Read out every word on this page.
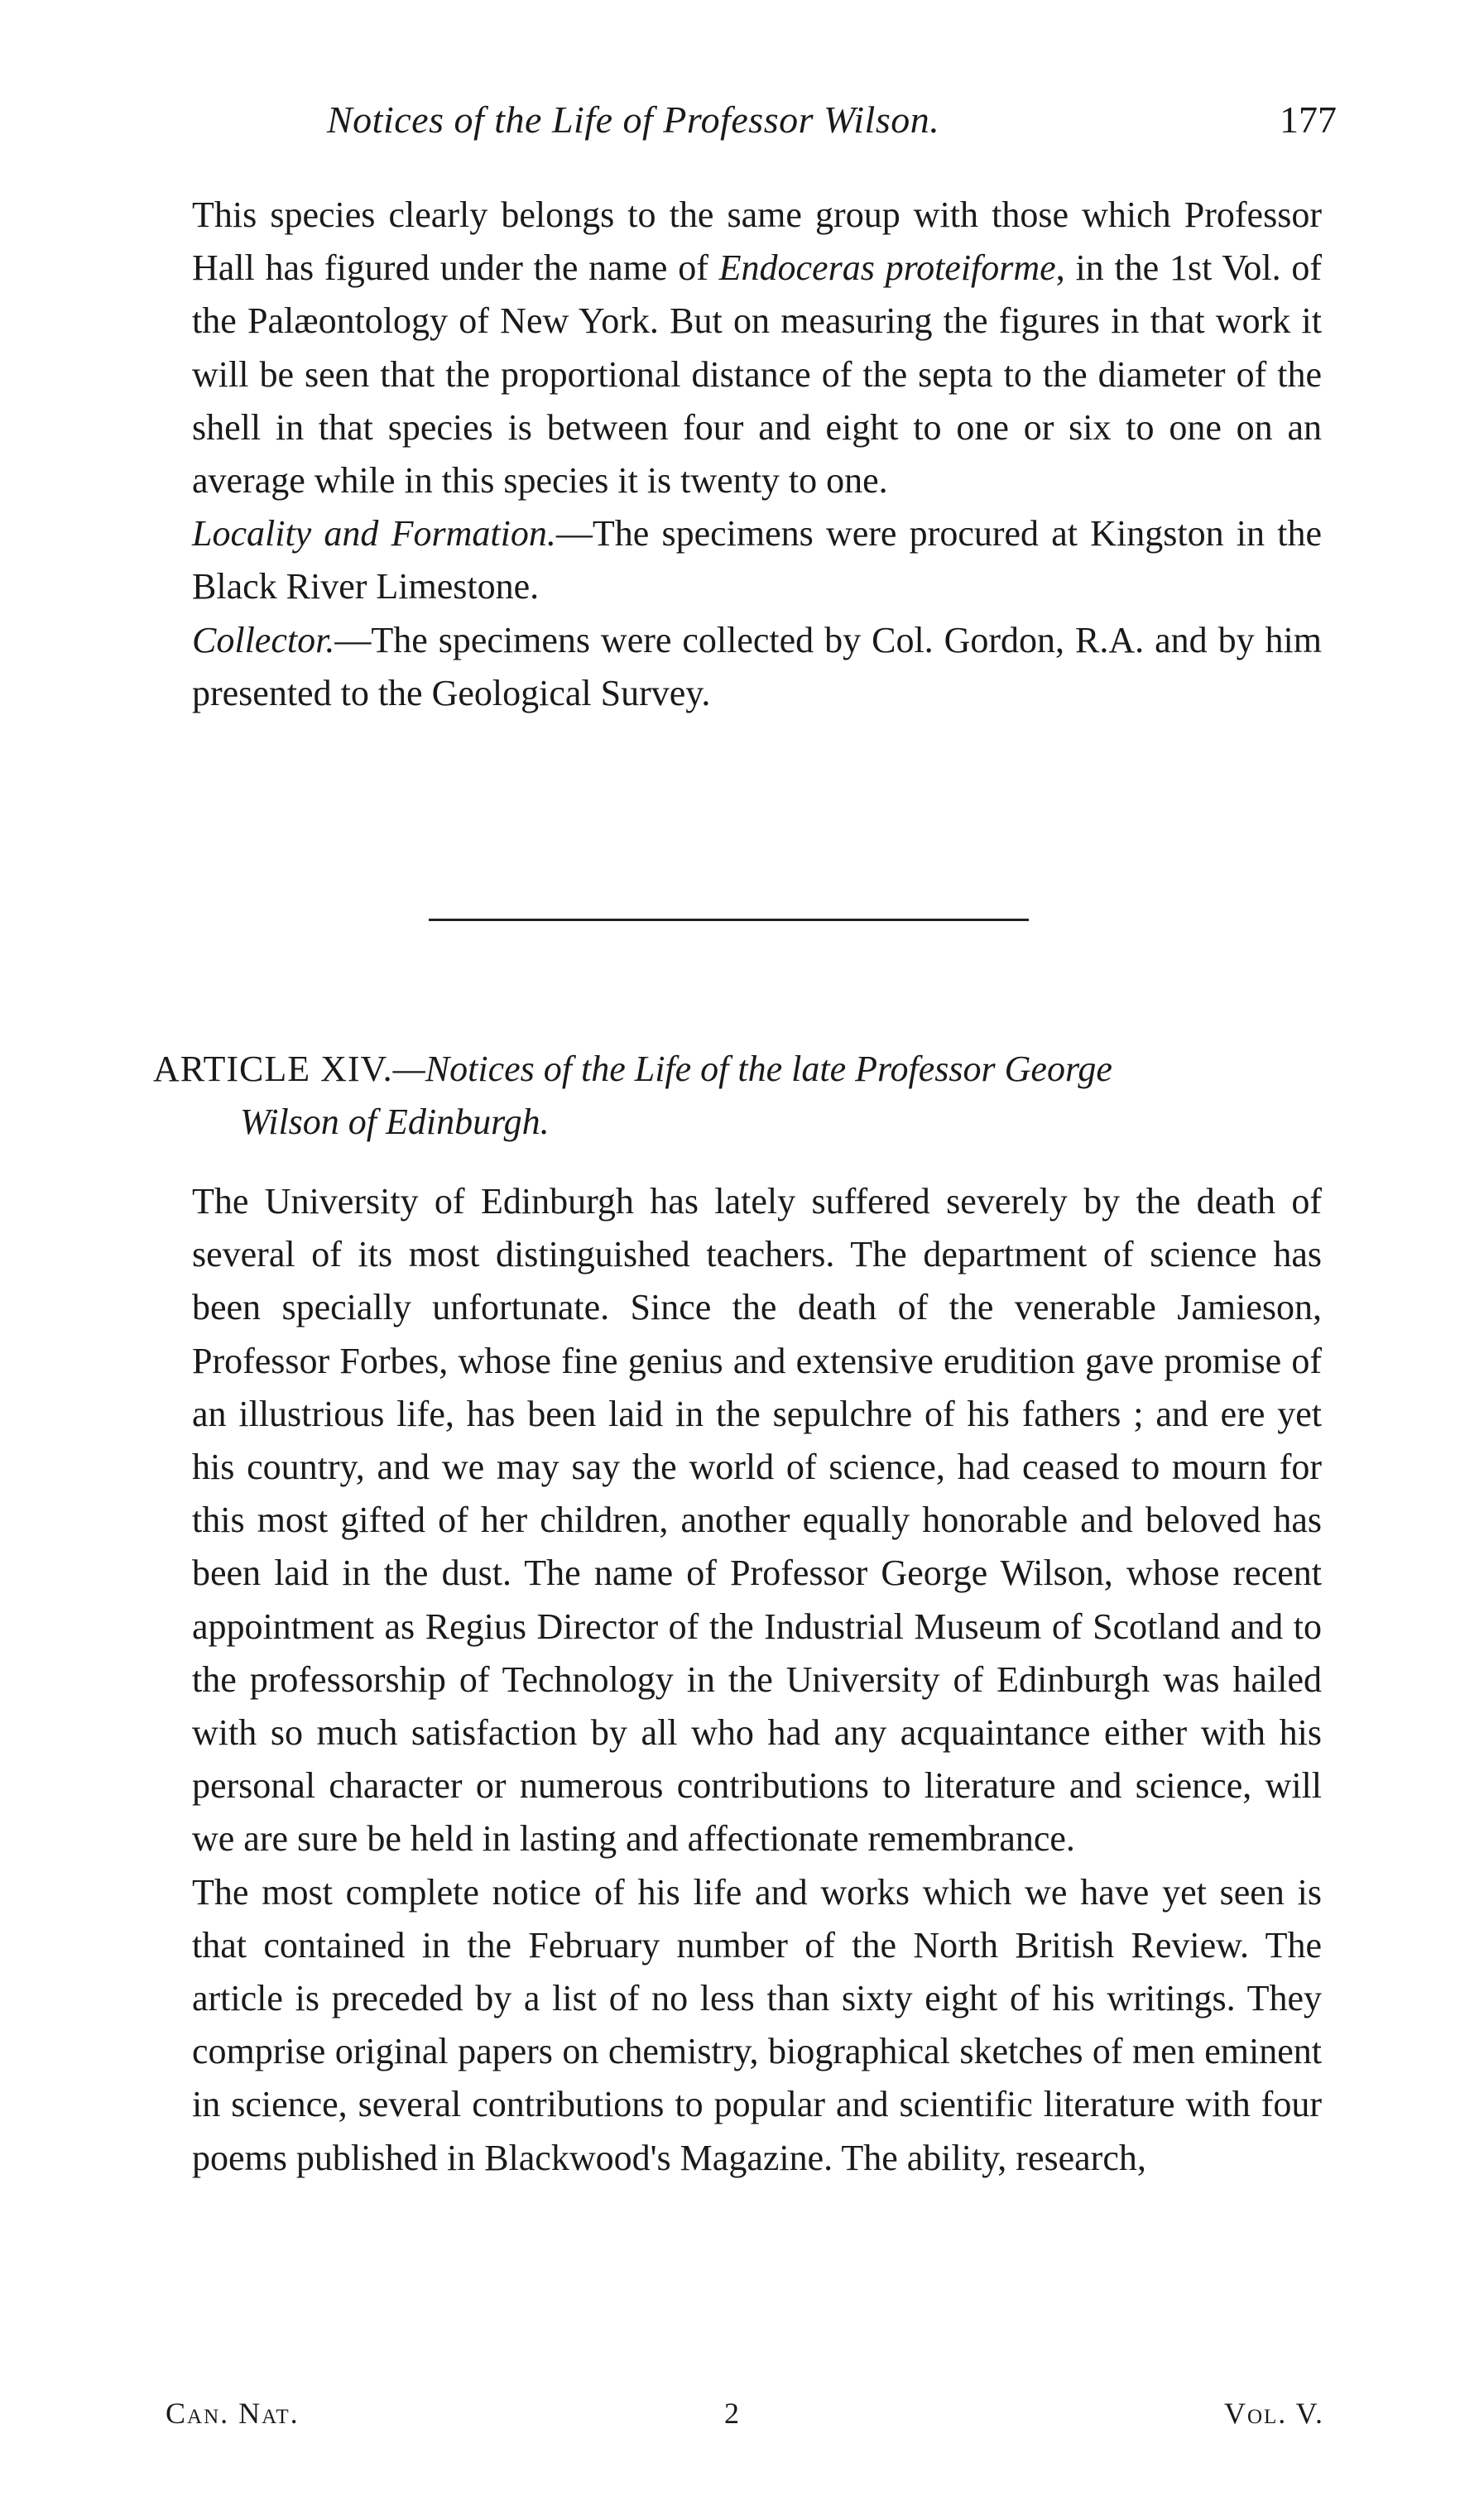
Notices of the Life of Professor Wilson.	177

This species clearly belongs to the same group with those which Professor Hall has figured under the name of Endoceras proteiforme, in the 1st Vol. of the Palæontology of New York. But on measuring the figures in that work it will be seen that the proportional distance of the septa to the diameter of the shell in that species is between four and eight to one or six to one on an average while in this species it is twenty to one.

Locality and Formation.—The specimens were procured at Kingston in the Black River Limestone.

Collector.—The specimens were collected by Col. Gordon, R.A. and by him presented to the Geological Survey.

ARTICLE XIV.—Notices of the Life of the late Professor George
Wilson of Edinburgh.

The University of Edinburgh has lately suffered severely by the death of several of its most distinguished teachers. The department of science has been specially unfortunate. Since the death of the venerable Jamieson, Professor Forbes, whose fine genius and extensive erudition gave promise of an illustrious life, has been laid in the sepulchre of his fathers ; and ere yet his country, and we may say the world of science, had ceased to mourn for this most gifted of her children, another equally honorable and beloved has been laid in the dust. The name of Professor George Wilson, whose recent appointment as Regius Director of the Industrial Museum of Scotland and to the professorship of Technology in the University of Edinburgh was hailed with so much satisfaction by all who had any acquaintance either with his personal character or numerous contributions to literature and science, will we are sure be held in lasting and affectionate remembrance.

The most complete notice of his life and works which we have yet seen is that contained in the February number of the North British Review. The article is preceded by a list of no less than sixty eight of his writings. They comprise original papers on chemistry, biographical sketches of men eminent in science, several contributions to popular and scientific literature with four poems published in Blackwood's Magazine. The ability, research,

Can. Nat.	2	Vol. V.
